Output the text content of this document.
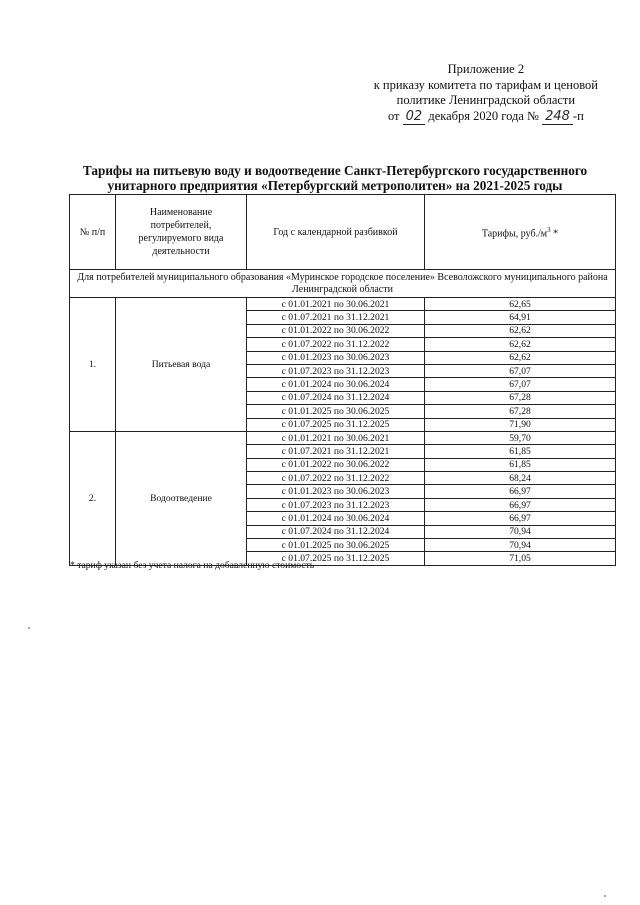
Приложение 2
к приказу комитета по тарифам и ценовой
политике Ленинградской области
от 02 декабря 2020 года № 248 -п
Тарифы на питьевую воду и водоотведение Санкт-Петербургского государственного
унитарного предприятия «Петербургский метрополитен» на 2021-2025 годы
№ п/п	Наименование потребителей, регулируемого вида деятельности	Год с календарной разбивкой	Тарифы, $руб./м^3$ *
Для потребителей муниципального образования «Муринское городское поселение» Всеволожского муниципального района Ленинградской области			
1.	Питьевая вода	с 01.01.2021 по 30.06.2021	62,65
		с 01.07.2021 по 31.12.2021	64,91
		с 01.01.2022 по 30.06.2022	62,62
		с 01.07.2022 по 31.12.2022	62,62
		с 01.01.2023 по 30.06.2023	62,62
		с 01.07.2023 по 31.12.2023	67,07
		с 01.01.2024 по 30.06.2024	67,07
		с 01.07.2024 по 31.12.2024	67,28
		с 01.01.2025 по 30.06.2025	67,28
		с 01.07.2025 по 31.12.2025	71,90
2.	Водоотведение	с 01.01.2021 по 30.06.2021	59,70
		с 01.07.2021 по 31.12.2021	61,85
		с 01.01.2022 по 30.06.2022	61,85
		с 01.07.2022 по 31.12.2022	68,24
		с 01.01.2023 по 30.06.2023	66,97
		с 01.07.2023 по 31.12.2023	66,97
		с 01.01.2024 по 30.06.2024	66,97
		с 01.07.2024 по 31.12.2024	70,94
		с 01.01.2025 по 30.06.2025	70,94
		с 01.07.2025 по 31.12.2025	71,05
* тариф указан без учета налога на добавленную стоимость
